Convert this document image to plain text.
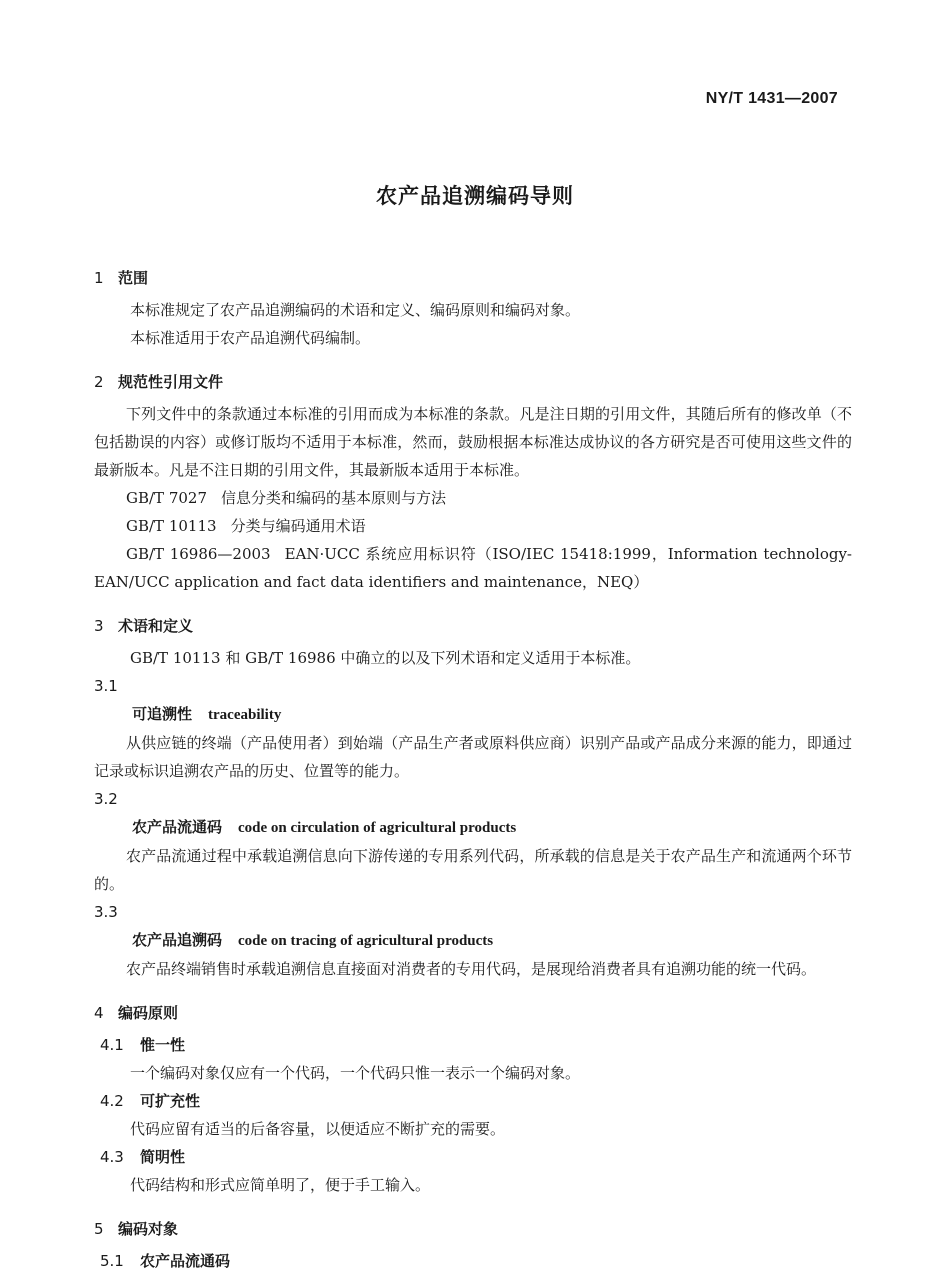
NY/T 1431—2007
农产品追溯编码导则
1 范围
本标准规定了农产品追溯编码的术语和定义、编码原则和编码对象。
本标准适用于农产品追溯代码编制。
2 规范性引用文件
下列文件中的条款通过本标准的引用而成为本标准的条款。凡是注日期的引用文件，其随后所有的修改单（不包括勘误的内容）或修订版均不适用于本标准，然而，鼓励根据本标准达成协议的各方研究是否可使用这些文件的最新版本。凡是不注日期的引用文件，其最新版本适用于本标准。
GB/T 7027 信息分类和编码的基本原则与方法
GB/T 10113 分类与编码通用术语
GB/T 16986—2003 EAN·UCC 系统应用标识符（ISO/IEC 15418:1999，Information technology-EAN/UCC application and fact data identifiers and maintenance，NEQ）
3 术语和定义
GB/T 10113 和 GB/T 16986 中确立的以及下列术语和定义适用于本标准。
3.1
可追溯性 traceability
从供应链的终端（产品使用者）到始端（产品生产者或原料供应商）识别产品或产品成分来源的能力，即通过记录或标识追溯农产品的历史、位置等的能力。
3.2
农产品流通码 code on circulation of agricultural products
农产品流通过程中承载追溯信息向下游传递的专用系列代码，所承载的信息是关于农产品生产和流通两个环节的。
3.3
农产品追溯码 code on tracing of agricultural products
农产品终端销售时承载追溯信息直接面对消费者的专用代码，是展现给消费者具有追溯功能的统一代码。
4 编码原则
4.1 惟一性
一个编码对象仅应有一个代码，一个代码只惟一表示一个编码对象。
4.2 可扩充性
代码应留有适当的后备容量，以便适应不断扩充的需要。
4.3 简明性
代码结构和形式应简单明了，便于手工输入。
5 编码对象
5.1 农产品流通码
